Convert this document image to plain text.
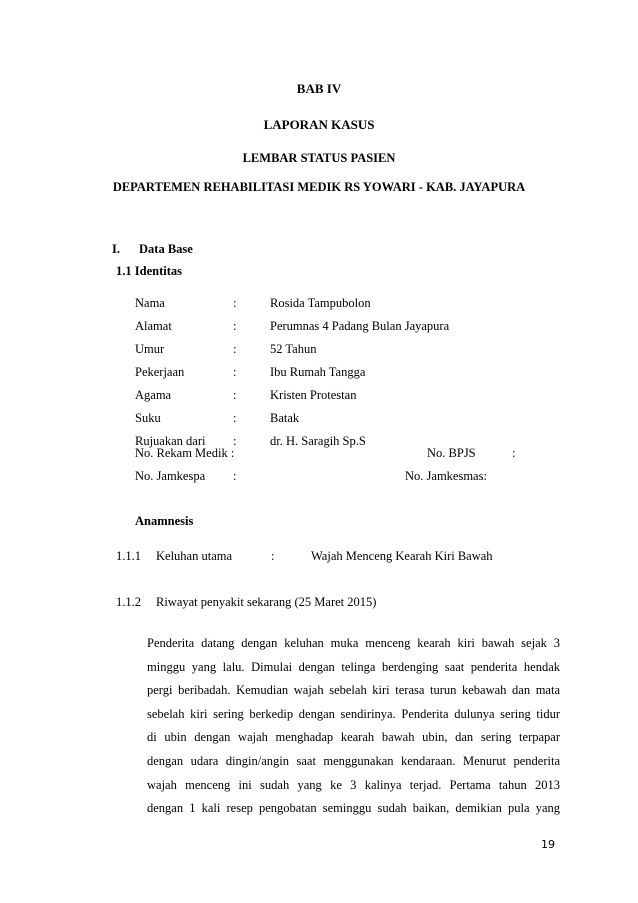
BAB IV
LAPORAN KASUS
LEMBAR STATUS PASIEN
DEPARTEMEN REHABILITASI MEDIK RS YOWARI - KAB. JAYAPURA
I. Data Base
1.1 Identitas
Nama	:	Rosida Tampubolon
Alamat	:	Perumnas 4 Padang Bulan Jayapura
Umur	:	52 Tahun
Pekerjaan	:	Ibu Rumah Tangga
Agama	:	Kristen Protestan
Suku	:	Batak
Rujuakan dari :	dr. H. Saragih Sp.S
No. Rekam Medik :	No. BPJS	:
No. Jamkespa :	No. Jamkesmas:
Anamnesis
1.1.1 Keluhan utama	:	Wajah Menceng Kearah Kiri Bawah
1.1.2 Riwayat penyakit sekarang (25 Maret 2015)
Penderita datang dengan keluhan muka menceng kearah kiri bawah sejak 3
minggu yang lalu. Dimulai dengan telinga berdenging saat penderita hendak
pergi beribadah. Kemudian wajah sebelah kiri terasa turun kebawah dan mata
sebelah kiri sering berkedip dengan sendirinya. Penderita dulunya sering tidur
di ubin dengan wajah menghadap kearah bawah ubin, dan sering terpapar
dengan udara dingin/angin saat menggunakan kendaraan. Menurut penderita
wajah menceng ini sudah yang ke 3 kalinya terjad. Pertama tahun 2013
dengan 1 kali resep pengobatan seminggu sudah baikan, demikian pula yang
19
